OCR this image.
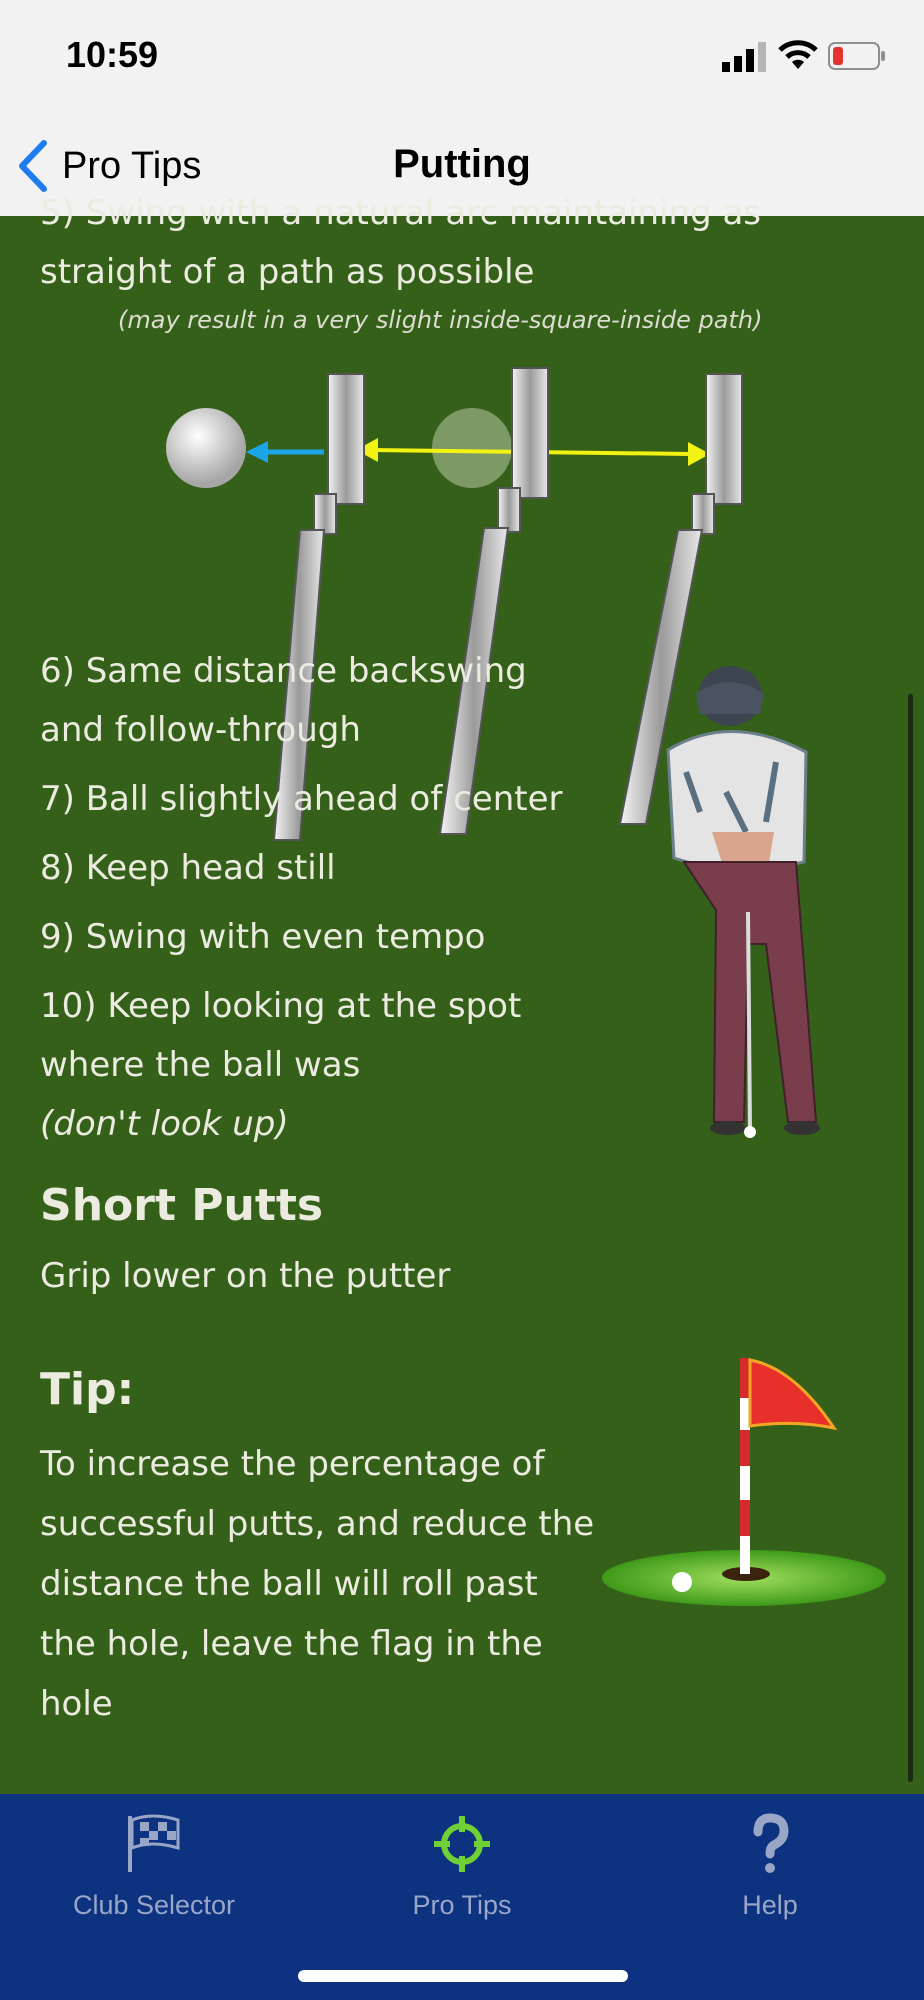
10:59
Pro Tips	Putting
5) Swing with a natural arc maintaining as
straight of a path as possible
(may result in a very slight inside-square-inside path)

6) Same distance backswing

and follow-through

7) Ball slightly ahead of center

8) Keep head still

9) Swing with even tempo

10) Keep looking at the spot

where the ball was

(don't look up)

Short Putts

Grip lower on the putter

Tip:

To increase the percentage of successful putts, and reduce the distance the ball will roll past the hole, leave the flag in the hole

Club Selector	Pro Tips	Help
